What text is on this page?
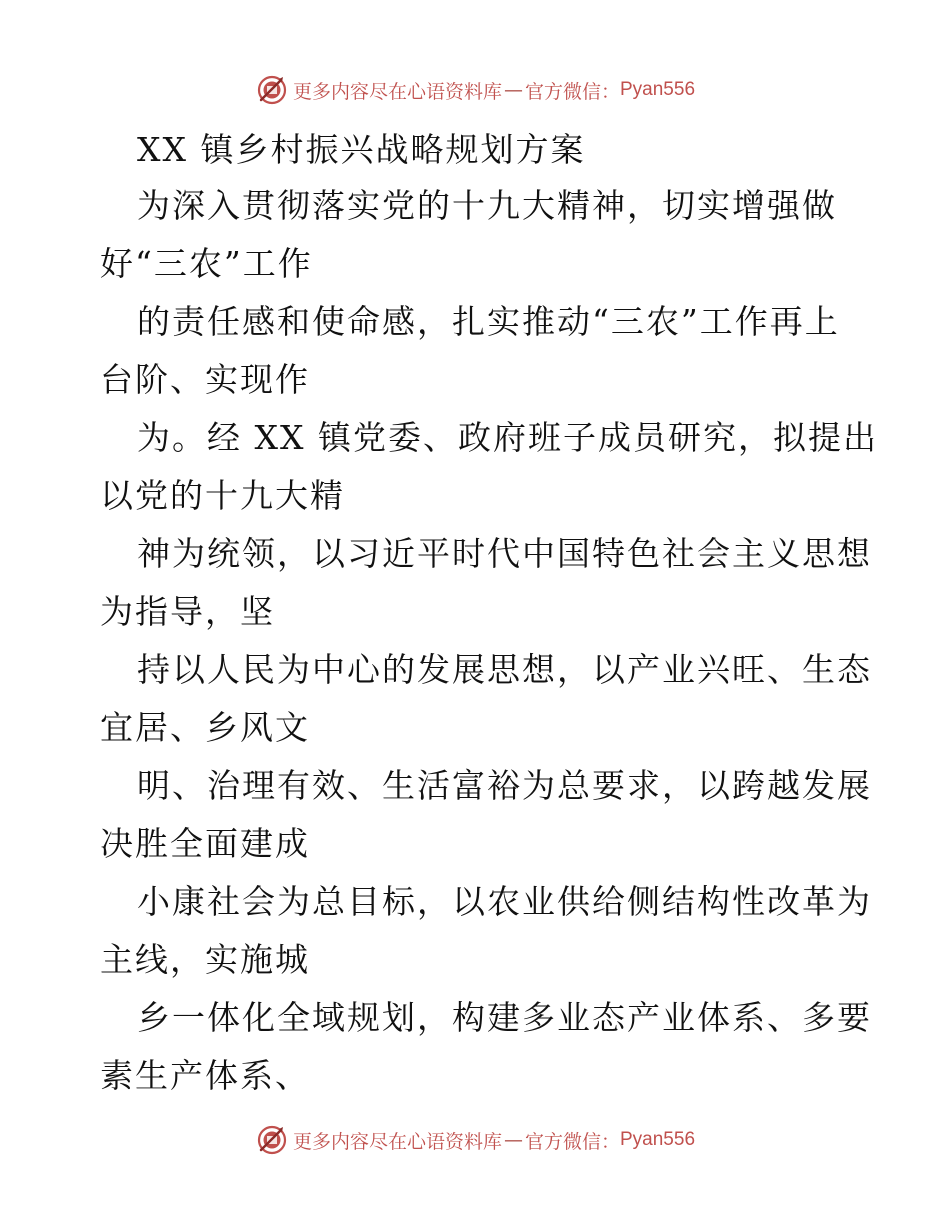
更多内容尽在心语资料库 — 官方微信： Pyan556
XX 镇乡村振兴战略规划方案
为深入贯彻落实党的十九大精神，切实增强做
好“三农”工作
的责任感和使命感，扎实推动“三农”工作再上
台阶、实现作
为。经 XX 镇党委、政府班子成员研究，拟提出
以党的十九大精
神为统领，以习近平时代中国特色社会主义思想
为指导，坚
持以人民为中心的发展思想，以产业兴旺、生态
宜居、乡风文
明、治理有效、生活富裕为总要求，以跨越发展
决胜全面建成
小康社会为总目标，以农业供给侧结构性改革为
主线，实施城
乡一体化全域规划，构建多业态产业体系、多要
素生产体系、
更多内容尽在心语资料库 — 官方微信： Pyan556
